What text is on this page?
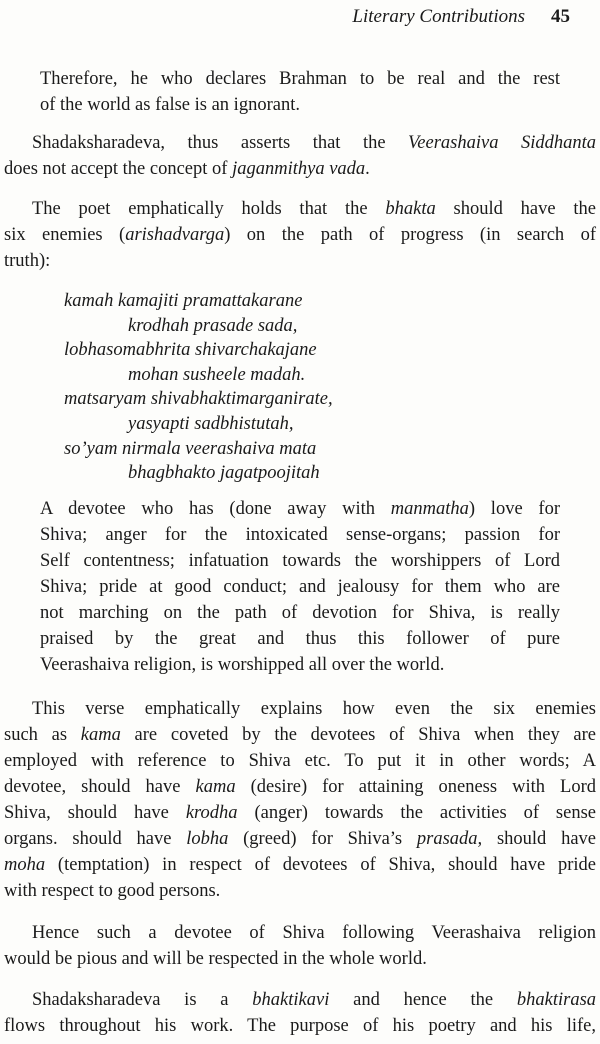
Literary Contributions 45
Therefore, he who declares Brahman to be real and the rest
of the world as false is an ignorant.
Shadaksharadeva, thus asserts that the Veerashaiva Siddhanta
does not accept the concept of jaganmithya vada.
The poet emphatically holds that the bhakta should have the
six enemies (arishadvarga) on the path of progress (in search of
truth):
kamah kamajiti pramattakarane
krodhah prasade sada,
lobhasomabhrita shivarchakajane
mohan susheele madah.
matsaryam shivabhaktimarganirate,
yasyapti sadbhistutah,
so’yam nirmala veerashaiva mata
bhagbhakto jagatpoojitah
A devotee who has (done away with manmatha) love for
Shiva; anger for the intoxicated sense-organs; passion for
Self contentness; infatuation towards the worshippers of Lord
Shiva; pride at good conduct; and jealousy for them who are
not marching on the path of devotion for Shiva, is really
praised by the great and thus this follower of pure
Veerashaiva religion, is worshipped all over the world.
This verse emphatically explains how even the six enemies
such as kama are coveted by the devotees of Shiva when they are
employed with reference to Shiva etc. To put it in other words; A
devotee, should have kama (desire) for attaining oneness with Lord
Shiva, should have krodha (anger) towards the activities of sense
organs. should have lobha (greed) for Shiva’s prasada, should have
moha (temptation) in respect of devotees of Shiva, should have pride
with respect to good persons.
Hence such a devotee of Shiva following Veerashaiva religion
would be pious and will be respected in the whole world.
Shadaksharadeva is a bhaktikavi and hence the bhaktirasa
flows throughout his work. The purpose of his poetry and his life,
